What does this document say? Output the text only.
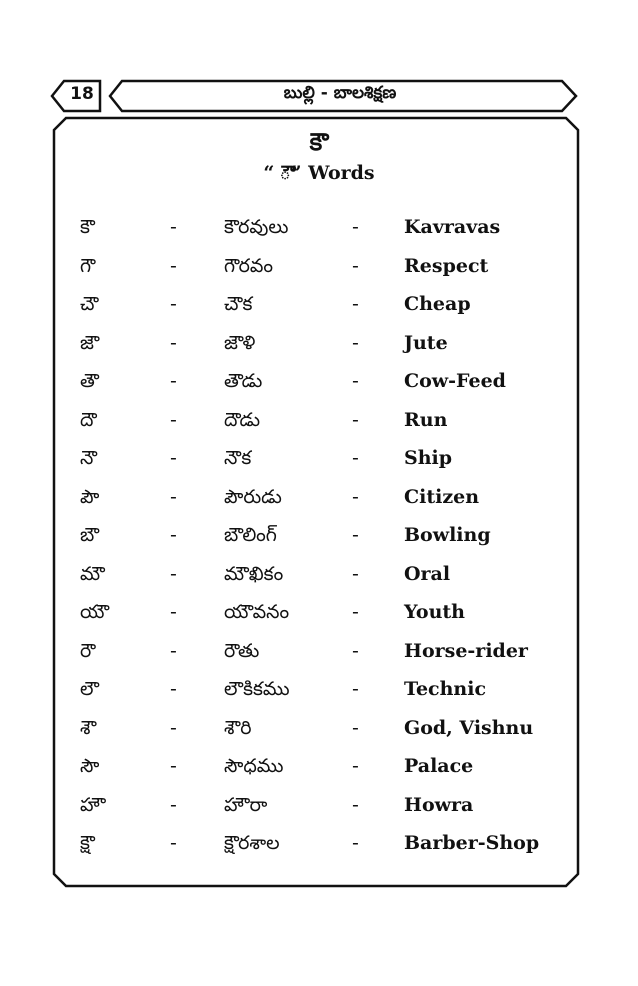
18	బుల్లి - బాలశిక్షణ
కౌ
“ ౌ” Words
కౌ	- కౌరవులు	- Kavravas
గౌ	- గౌరవం	- Respect
చౌ	- చౌక	- Cheap
జౌ	- జౌళి	- Jute
తౌ	- తౌడు	- Cow-Feed
దౌ	- దౌడు	- Run
నౌ	- నౌక	- Ship
పౌ	- పౌరుడు	- Citizen
బౌ	- బౌలింగ్	- Bowling
మౌ	- మౌఖికం	- Oral
యౌ	- యౌవనం	- Youth
రౌ	- రౌతు	- Horse-rider
లౌ	- లౌకికము	- Technic
శౌ	- శౌరి	- God, Vishnu
సౌ	- సౌధము	- Palace
హౌ	- హౌరా	- Howra
క్షౌ	- క్షౌరశాల	- Barber-Shop
